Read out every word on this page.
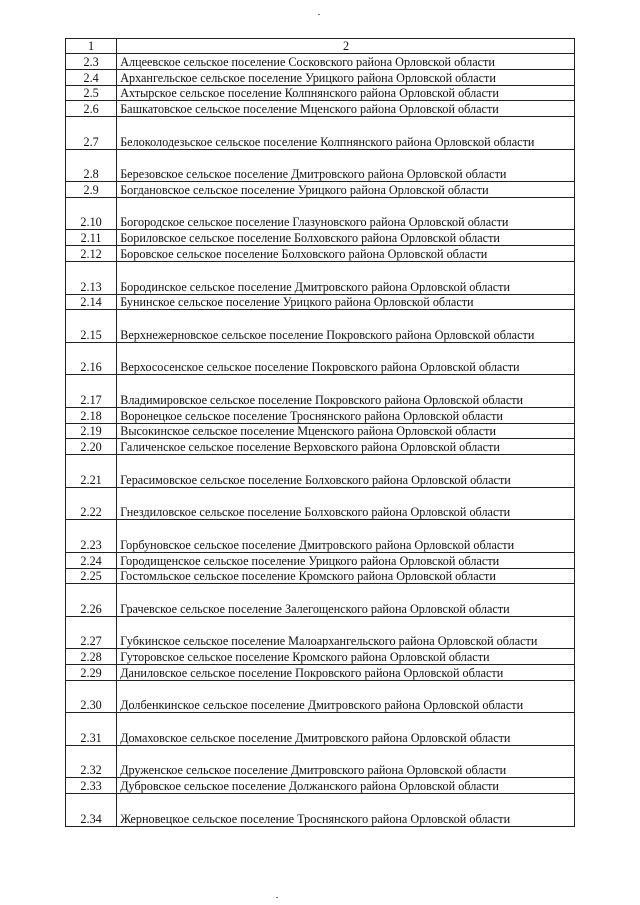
1	2
2.3	Алцеевское сельское поселение Сосковского района Орловской области
2.4	Архангельское сельское поселение Урицкого района Орловской области
2.5	Ахтырское сельское поселение Колпнянского района Орловской области
2.6	Башкатовское сельское поселение Мценского района Орловской области
2.7	Белоколодезьское сельское поселение Колпнянского района Орловской области
2.8	Березовское сельское поселение Дмитровского района Орловской области
2.9	Богдановское сельское поселение Урицкого района Орловской области
2.10	Богородское сельское поселение Глазуновского района Орловской области
2.11	Бориловское сельское поселение Болховского района Орловской области
2.12	Боровское сельское поселение Болховского района Орловской области
2.13	Бородинское сельское поселение Дмитровского района Орловской области
2.14	Бунинское сельское поселение Урицкого района Орловской области
2.15	Верхнежерновское сельское поселение Покровского района Орловской области
2.16	Верхососенское сельское поселение Покровского района Орловской области
2.17	Владимировское сельское поселение Покровского района Орловской области
2.18	Воронецкое сельское поселение Троснянского района Орловской области
2.19	Высокинское сельское поселение Мценского района Орловской области
2.20	Галиченское сельское поселение Верховского района Орловской области
2.21	Герасимовское сельское поселение Болховского района Орловской области
2.22	Гнездиловское сельское поселение Болховского района Орловской области
2.23	Горбуновское сельское поселение Дмитровского района Орловской области
2.24	Городищенское сельское поселение Урицкого района Орловской области
2.25	Гостомльское сельское поселение Кромского района Орловской области
2.26	Грачевское сельское поселение Залегощенского района Орловской области
2.27	Губкинское сельское поселение Малоархангельского района Орловской области
2.28	Гуторовское сельское поселение Кромского района Орловской области
2.29	Даниловское сельское поселение Покровского района Орловской области
2.30	Долбенкинское сельское поселение Дмитровского района Орловской области
2.31	Домаховское сельское поселение Дмитровского района Орловской области
2.32	Друженское сельское поселение Дмитровского района Орловской области
2.33	Дубровское сельское поселение Должанского района Орловской области
2.34	Жерновецкое сельское поселение Троснянского района Орловской области
